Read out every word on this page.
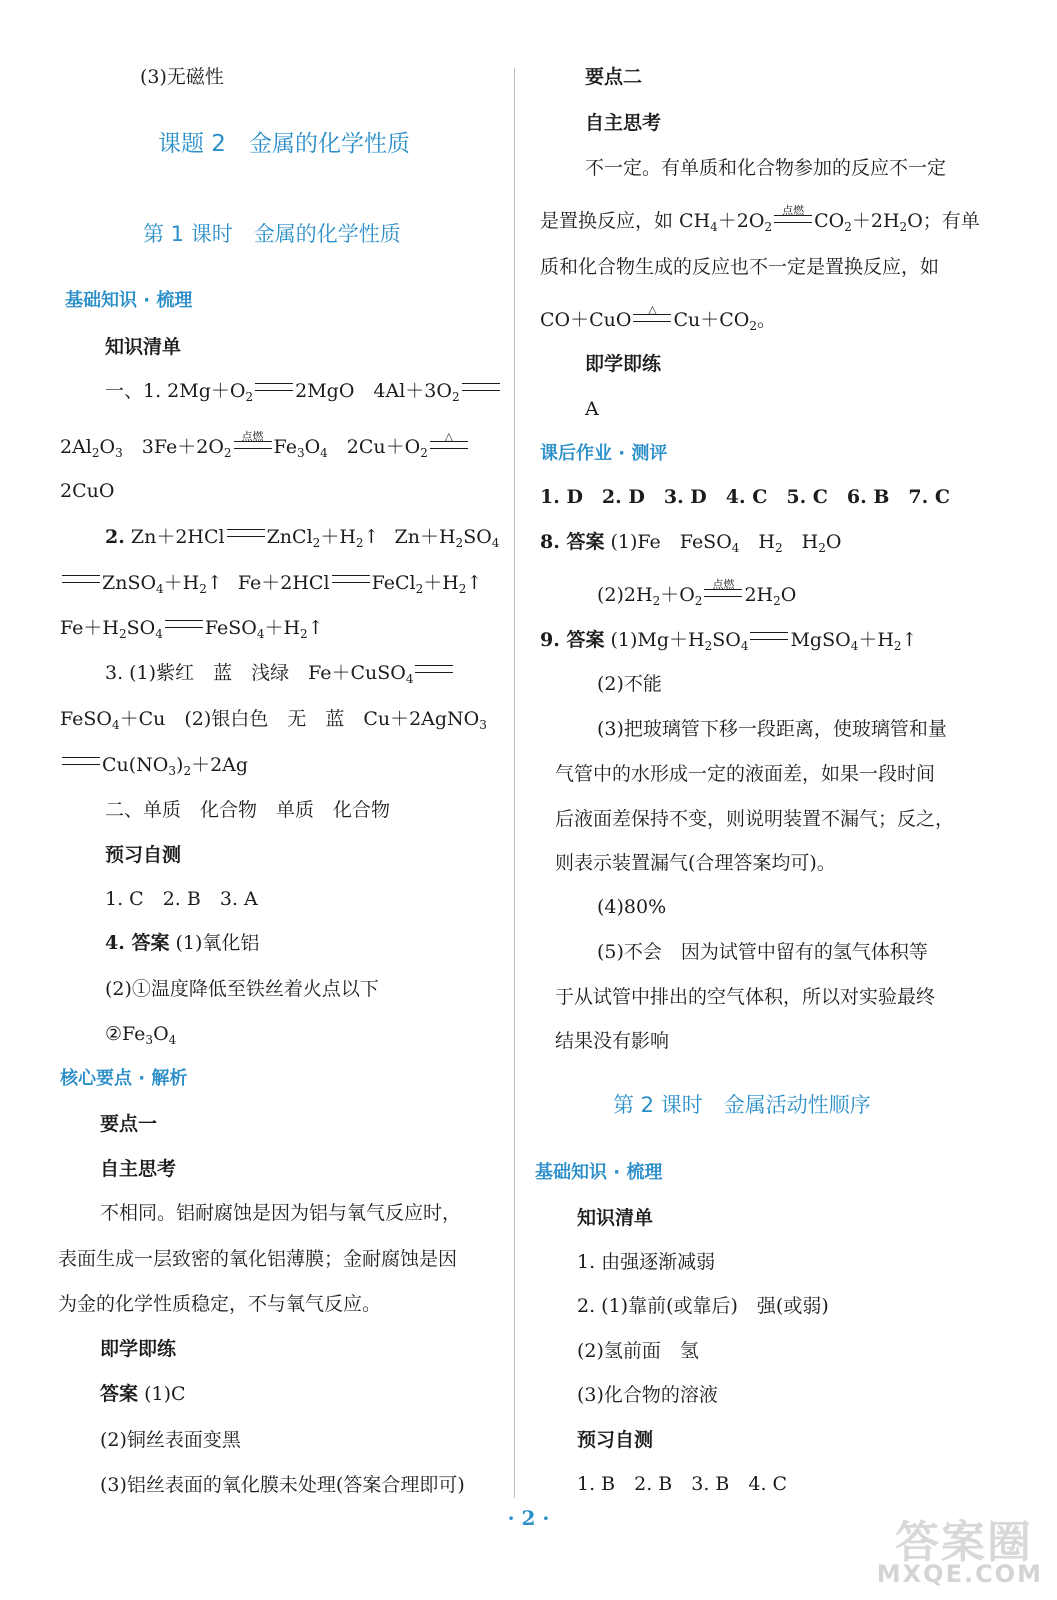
(3)无磁性
课题 2　金属的化学性质
第 1 课时　金属的化学性质
基础知识 · 梳理
知识清单
一、1. $2Mg+O_2$ 2MgO　$4Al+3O_2$
$2Al_2O_3$　$3Fe+2O_2$
点燃 $Fe_3O_4$　$2Cu+O_2$
△
2CuO
2. Zn＋2HCl $ZnCl_2+H_2↑$　$Zn+H_2SO_4$
$ZnSO_4+H_2↑$　Fe＋2HCl $FeCl_2+H_2↑$
$Fe+H_2SO_4$ $FeSO_4+H_2↑$
3. (1)紫红　蓝　浅绿　Fe＋CuSO$_4$
FeSO$_4$＋Cu　(2)银白色　无　蓝　Cu＋2AgNO$_3$
$Cu(NO_3)_2+2Ag$
二、单质　化合物　单质　化合物
预习自测
1. C　2. B　3. A
4. 答案 (1)氧化铝
(2)①温度降低至铁丝着火点以下
$②Fe_3O_4$
核心要点 · 解析
要点一
自主思考
不相同。铝耐腐蚀是因为铝与氧气反应时，
表面生成一层致密的氧化铝薄膜；金耐腐蚀是因
为金的化学性质稳定，不与氧气反应。
即学即练
答案 (1)C
(2)铜丝表面变黑
(3)铝丝表面的氧化膜未处理(答案合理即可)
要点二
自主思考
不一定。有单质和化合物参加的反应不一定
是置换反应，如 $CH_4+2O_2$
点燃 $CO_2+2H_2O$；有单
质和化合物生成的反应也不一定是置换反应，如
CO＋CuO	△ $Cu+CO_2$。
即学即练
A
课后作业 · 测评
1. D　2. D　3. D　4. C　5. C　6. B　7. C
8. 答案 (1)Fe　FeSO$_4$　$H_2$　$H_2O$
$(2)2H_2+O_2$
点燃 $2H_2O$
9. 答案 $(1)Mg+H_2SO_4$ $MgSO_4+H_2↑$
(2)不能
(3)把玻璃管下移一段距离，使玻璃管和量
气管中的水形成一定的液面差，如果一段时间
后液面差保持不变，则说明装置不漏气；反之，
则表示装置漏气(合理答案均可)。
(4)80%
(5)不会　因为试管中留有的氢气体积等
于从试管中排出的空气体积，所以对实验最终
结果没有影响
第 2 课时　金属活动性顺序
基础知识 · 梳理
知识清单
1. 由强逐渐减弱
2. (1)靠前(或靠后)　强(或弱)
(2)氢前面　氢
(3)化合物的溶液
预习自测
1. B　2. B　3. B　4. C
· 2 ·	答案圈
MXQE.COM
